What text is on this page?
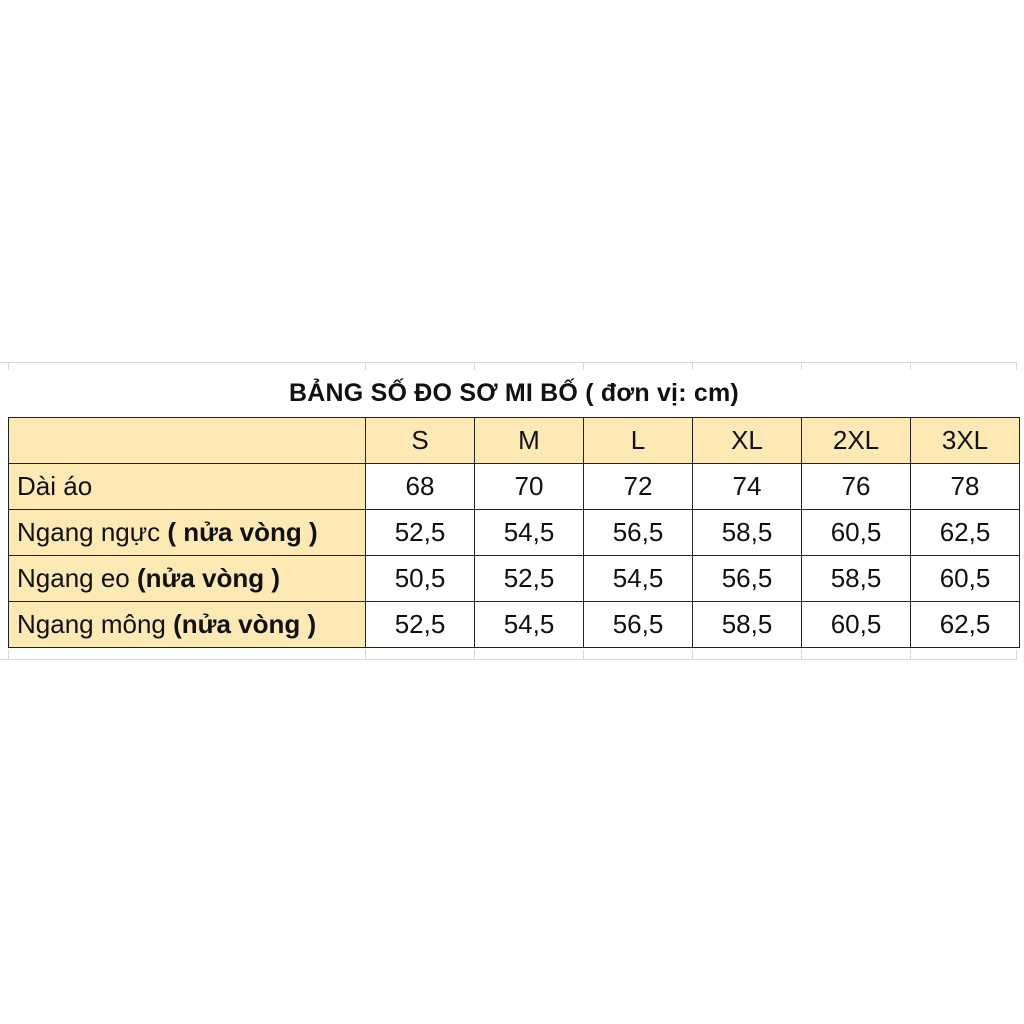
BẢNG SỐ ĐO SƠ MI BỐ ( đơn vị: cm)						
	S	M	L	XL	2XL	3XL
Dài áo	68	70	72	74	76	78
Ngang ngực ( nửa vòng )	52,5	54,5	56,5	58,5	60,5	62,5
Ngang eo (nửa vòng )	50,5	52,5	54,5	56,5	58,5	60,5
Ngang mông (nửa vòng )	52,5	54,5	56,5	58,5	60,5	62,5
